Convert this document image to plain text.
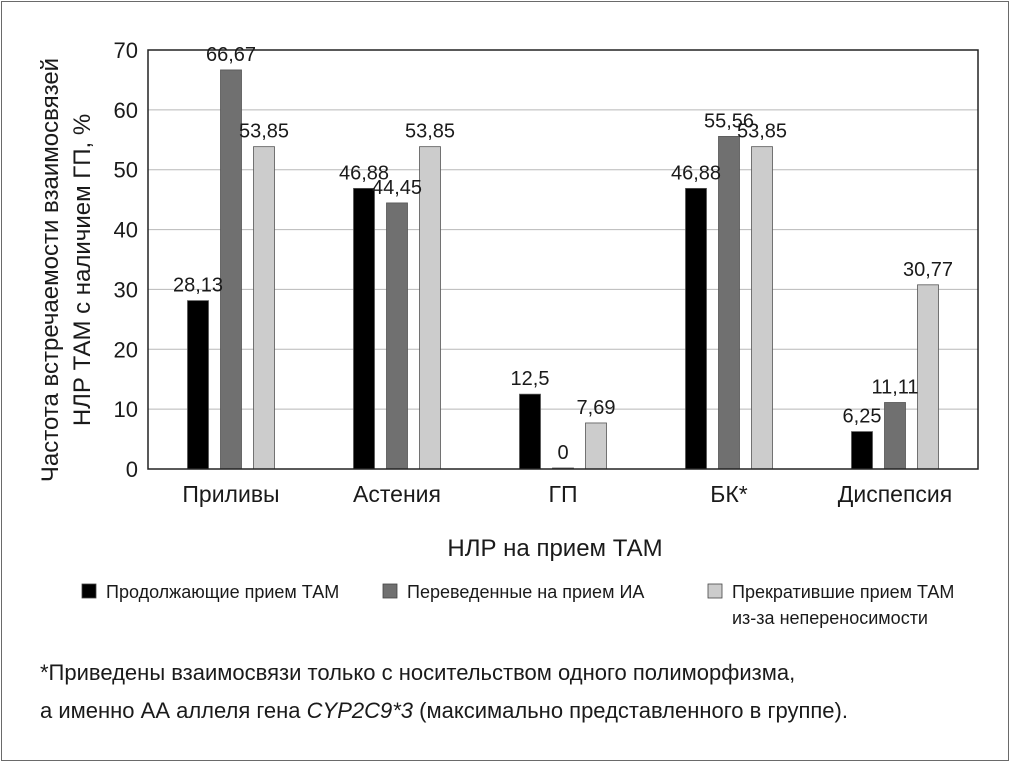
0
10
20
30
40
50
60
70
Приливы	Астения	ГП	БК*	Диспепсия
28,13
66,67
53,85
46,88
44,45
53,85
12,5
0
7,69
46,88
55,56
53,85
6,25
11,11
30,77
Продолжающие прием ТАМ	Переведенные на прием ИА	Прекратившие прием ТАМ
из-за непереносимости
Частота встречаемости взаимосвязей НЛР ТАМ с наличием ГП, %
НЛР на прием ТАМ
*Приведены взаимосвязи только с носительством одного полиморфизма,
а именно АА аллеля гена CYP2C9*3 (максимально представленного в группе).
